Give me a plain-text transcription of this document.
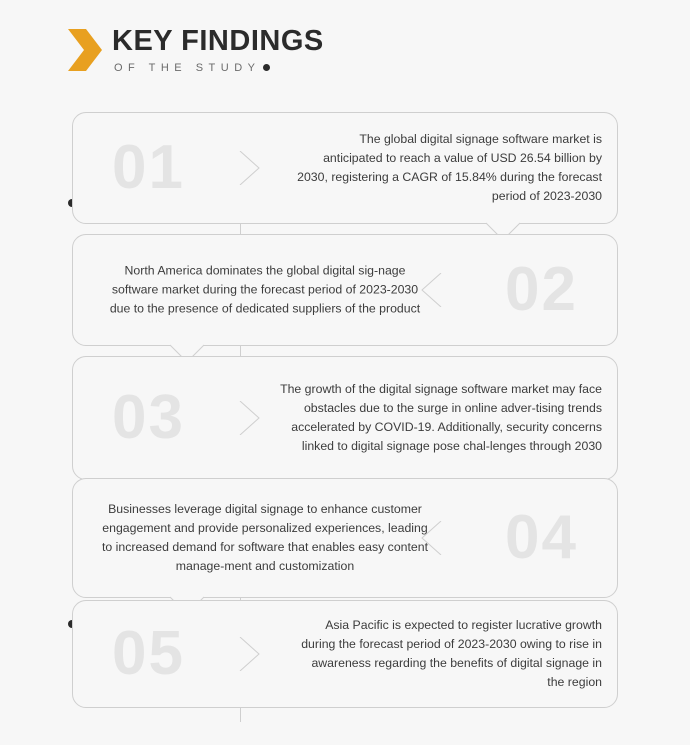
KEY FINDINGS
OF THE STUDY
01	The global digital signage software market is anticipated to reach a value of USD 26.54 billion by 2030, registering a CAGR of 15.84% during the forecast period of 2023-2030
02
North America dominates the global digital sig-nage software market during the forecast period of 2023-2030 due to the presence of dedicated suppliers of the product
03	The growth of the digital signage software market may face obstacles due to the surge in online adver-tising trends accelerated by COVID-19. Additionally, security concerns linked to digital signage pose chal-lenges through 2030
04
Businesses leverage digital signage to enhance customer engagement and provide personalized experiences, leading to increased demand for software that enables easy content manage-ment and customization
05	Asia Pacific is expected to register lucrative growth during the forecast period of 2023-2030 owing to rise in awareness regarding the benefits of digital signage in the region
